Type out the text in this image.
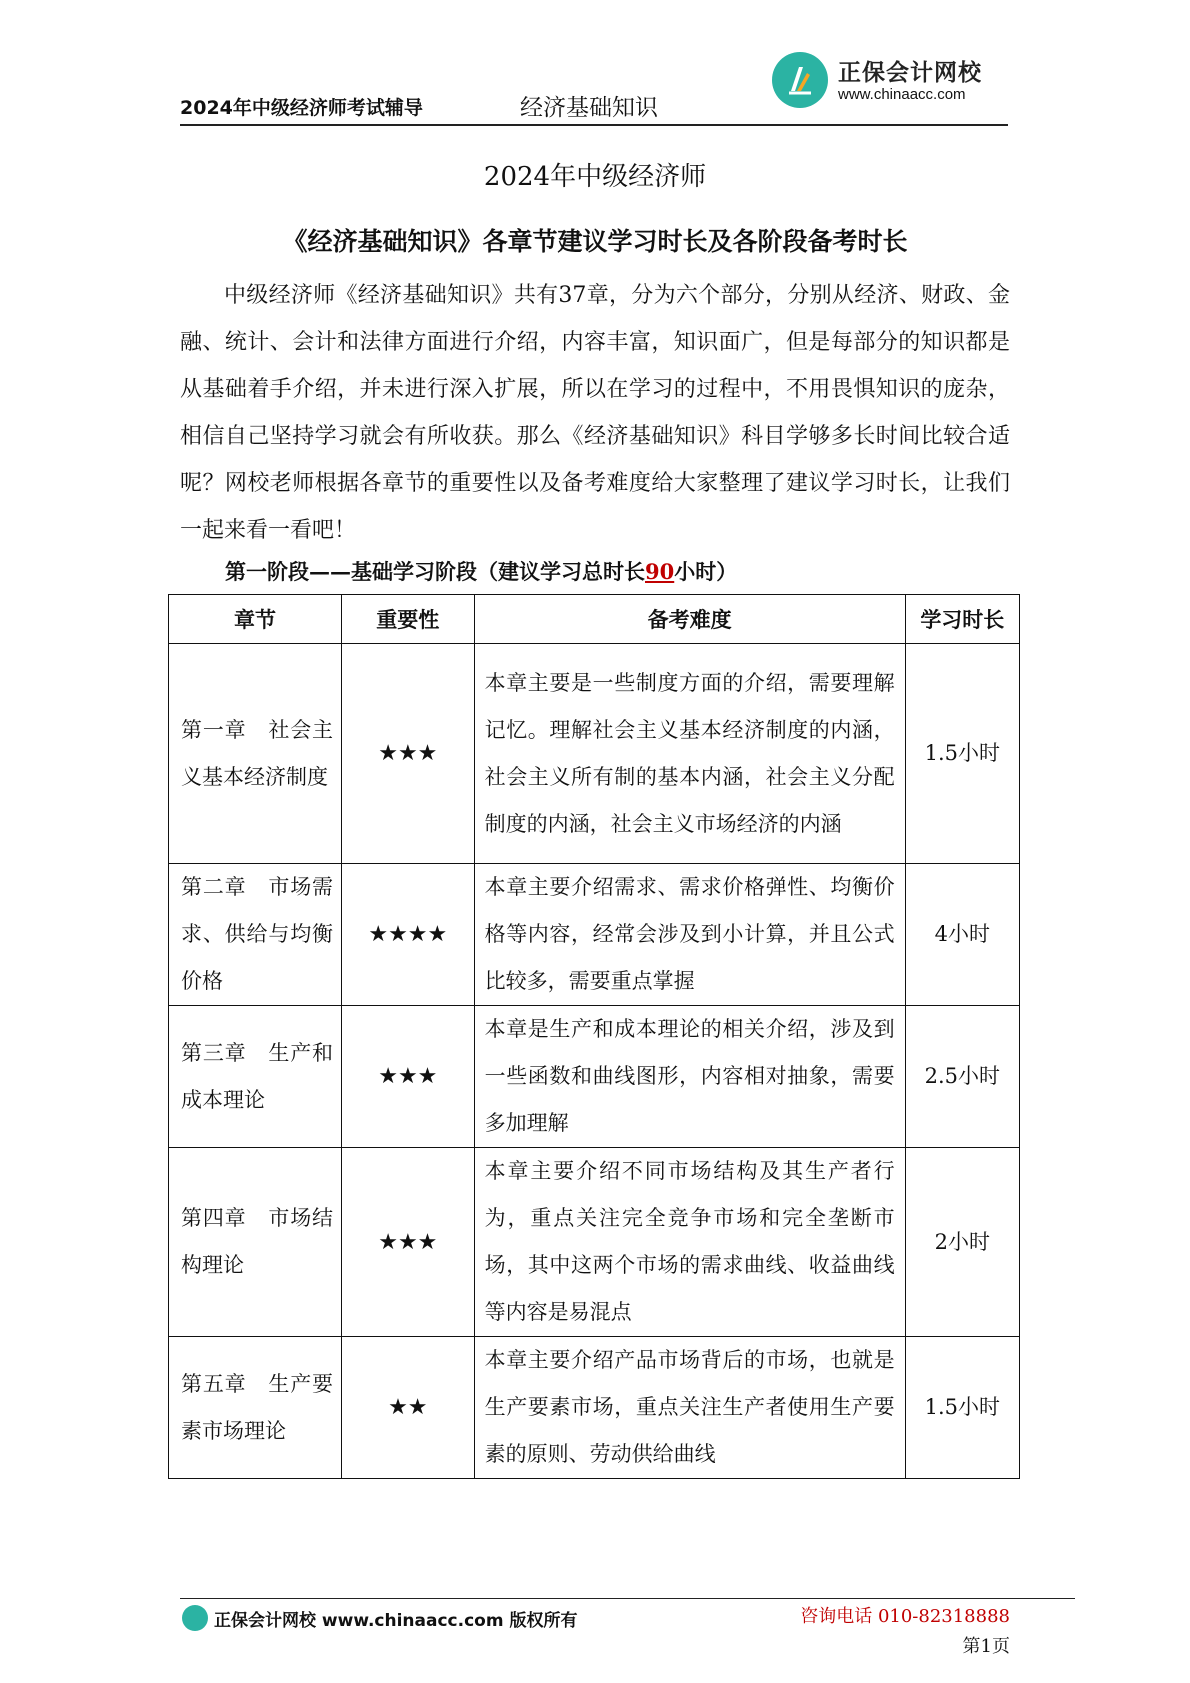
2024年中级经济师考试辅导	经济基础知识
正保会计网校
www.chinaacc.com
2024年中级经济师
《经济基础知识》各章节建议学习时长及各阶段备考时长

中级经济师《经济基础知识》共有37章，分为六个部分，分别从经济、财政、金融、统计、会计和法律方面进行介绍，内容丰富，知识面广，但是每部分的知识都是从基础着手介绍，并未进行深入扩展，所以在学习的过程中，不用畏惧知识的庞杂，相信自己坚持学习就会有所收获。那么《经济基础知识》科目学够多长时间比较合适呢？网校老师根据各章节的重要性以及备考难度给大家整理了建议学习时长，让我们一起来看一看吧！

第一阶段——基础学习阶段（建议学习总时长90小时）
章节	重要性	备考难度	学习时长
第一章　社会主义基本经济制度	★★★	本章主要是一些制度方面的介绍，需要理解记忆。理解社会主义基本经济制度的内涵，社会主义所有制的基本内涵，社会主义分配制度的内涵，社会主义市场经济的内涵	1.5小时
第二章　市场需求、供给与均衡价格	★★★★	本章主要介绍需求、需求价格弹性、均衡价格等内容，经常会涉及到小计算，并且公式比较多，需要重点掌握	4小时
第三章　生产和成本理论	★★★	本章是生产和成本理论的相关介绍，涉及到一些函数和曲线图形，内容相对抽象，需要多加理解	2.5小时
第四章　市场结构理论	★★★	本章主要介绍不同市场结构及其生产者行为，重点关注完全竞争市场和完全垄断市场，其中这两个市场的需求曲线、收益曲线等内容是易混点	2小时
第五章　生产要素市场理论	★★	本章主要介绍产品市场背后的市场，也就是生产要素市场，重点关注生产者使用生产要素的原则、劳动供给曲线	1.5小时
正保会计网校 www.chinaacc.com 版权所有	咨询电话 010-82318888
第1页
